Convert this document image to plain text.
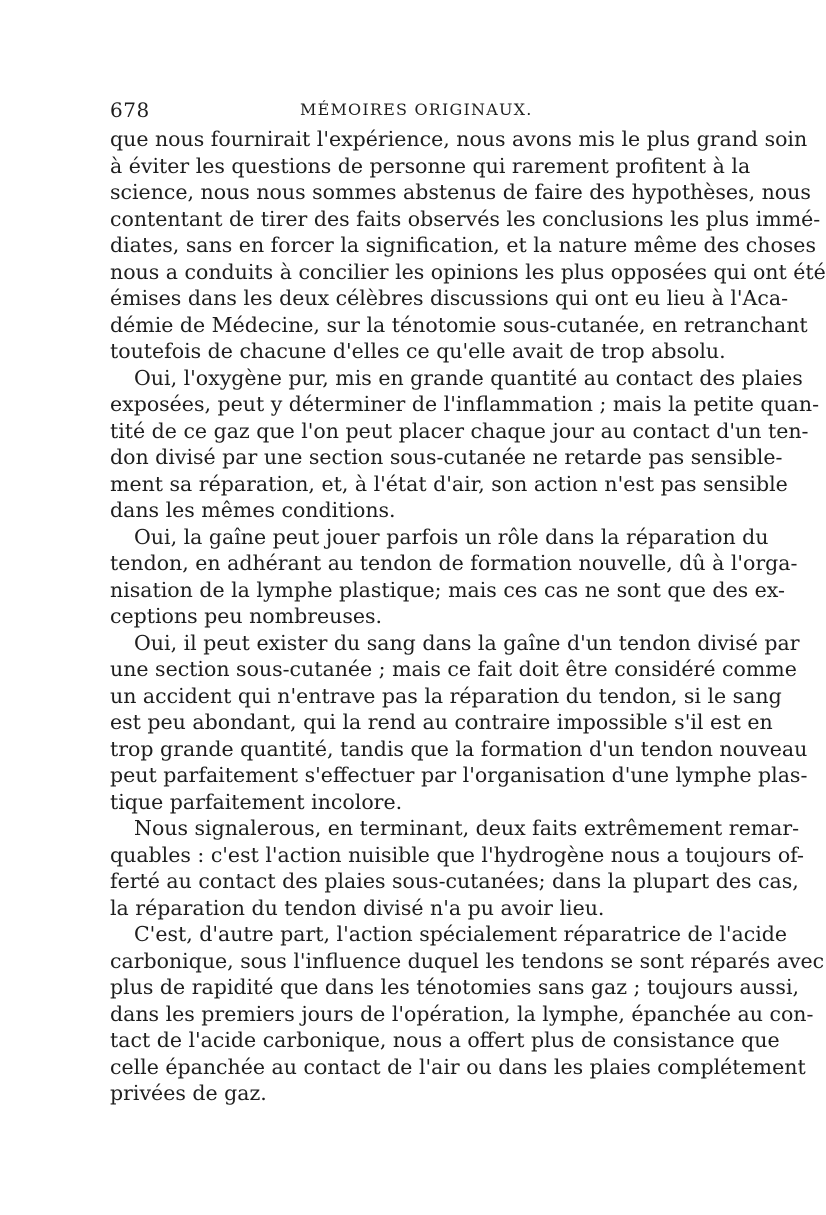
678	MÉMOIRES ORIGINAUX.
que nous fournirait l'expérience, nous avons mis le plus grand soin
à éviter les questions de personne qui rarement profitent à la
science, nous nous sommes abstenus de faire des hypothèses, nous
contentant de tirer des faits observés les conclusions les plus immé-
diates, sans en forcer la signification, et la nature même des choses
nous a conduits à concilier les opinions les plus opposées qui ont été
émises dans les deux célèbres discussions qui ont eu lieu à l'Aca-
démie de Médecine, sur la ténotomie sous-cutanée, en retranchant
toutefois de chacune d'elles ce qu'elle avait de trop absolu.
Oui, l'oxygène pur, mis en grande quantité au contact des plaies
exposées, peut y déterminer de l'inflammation ; mais la petite quan-
tité de ce gaz que l'on peut placer chaque jour au contact d'un ten-
don divisé par une section sous-cutanée ne retarde pas sensible-
ment sa réparation, et, à l'état d'air, son action n'est pas sensible
dans les mêmes conditions.
Oui, la gaîne peut jouer parfois un rôle dans la réparation du
tendon, en adhérant au tendon de formation nouvelle, dû à l'orga-
nisation de la lymphe plastique; mais ces cas ne sont que des ex-
ceptions peu nombreuses.
Oui, il peut exister du sang dans la gaîne d'un tendon divisé par
une section sous-cutanée ; mais ce fait doit être considéré comme
un accident qui n'entrave pas la réparation du tendon, si le sang
est peu abondant, qui la rend au contraire impossible s'il est en
trop grande quantité, tandis que la formation d'un tendon nouveau
peut parfaitement s'effectuer par l'organisation d'une lymphe plas-
tique parfaitement incolore.
Nous signalerous, en terminant, deux faits extrêmement remar-
quables : c'est l'action nuisible que l'hydrogène nous a toujours of-
ferté au contact des plaies sous-cutanées; dans la plupart des cas,
la réparation du tendon divisé n'a pu avoir lieu.
C'est, d'autre part, l'action spécialement réparatrice de l'acide
carbonique, sous l'influence duquel les tendons se sont réparés avec
plus de rapidité que dans les ténotomies sans gaz ; toujours aussi,
dans les premiers jours de l'opération, la lymphe, épanchée au con-
tact de l'acide carbonique, nous a offert plus de consistance que
celle épanchée au contact de l'air ou dans les plaies complétement
privées de gaz.
